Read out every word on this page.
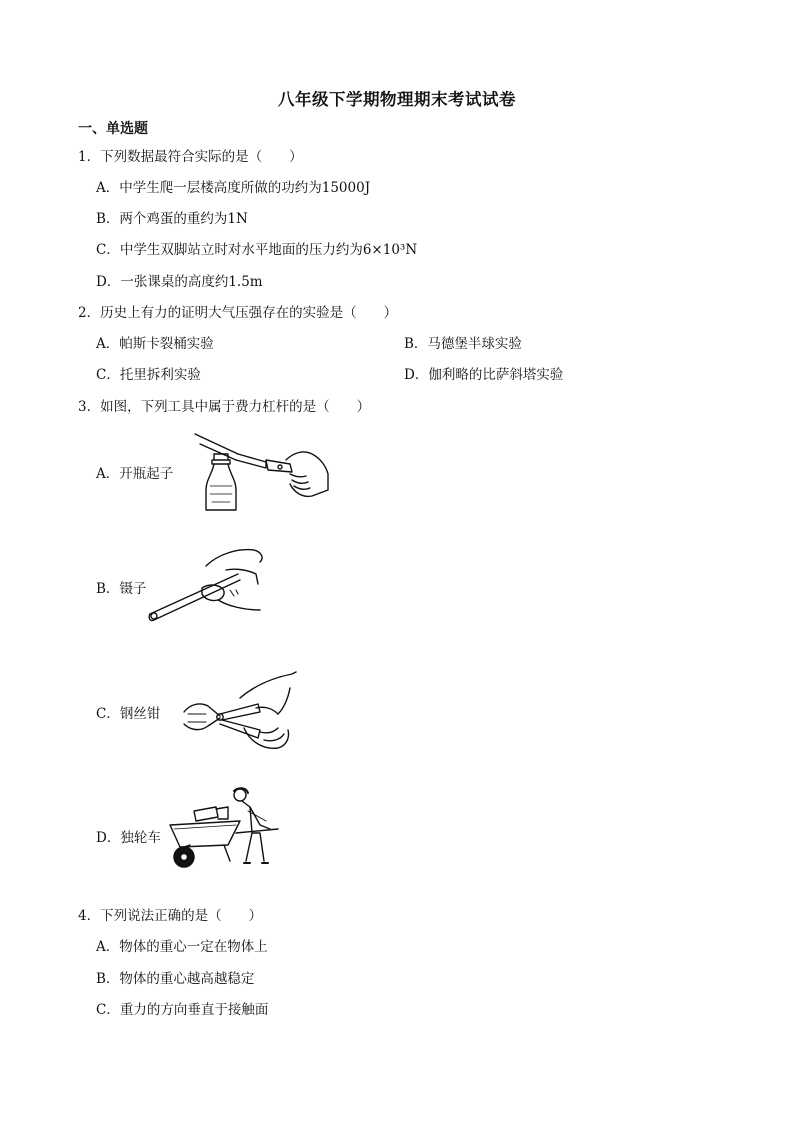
八年级下学期物理期末考试试卷
一、单选题
1．下列数据最符合实际的是（　　）
A．中学生爬一层楼高度所做的功约为15000J
B．两个鸡蛋的重约为1N
C．中学生双脚站立时对水平地面的压力约为6×10³N
D．一张课桌的高度约1.5m
2．历史上有力的证明大气压强存在的实验是（　　）
A．帕斯卡裂桶实验	B．马德堡半球实验
C．托里拆利实验	D．伽利略的比萨斜塔实验
3．如图，下列工具中属于费力杠杆的是（　　）
A．开瓶起子
B．镊子
C．钢丝钳
D．独轮车
4．下列说法正确的是（　　）
A．物体的重心一定在物体上
B．物体的重心越高越稳定
C．重力的方向垂直于接触面
